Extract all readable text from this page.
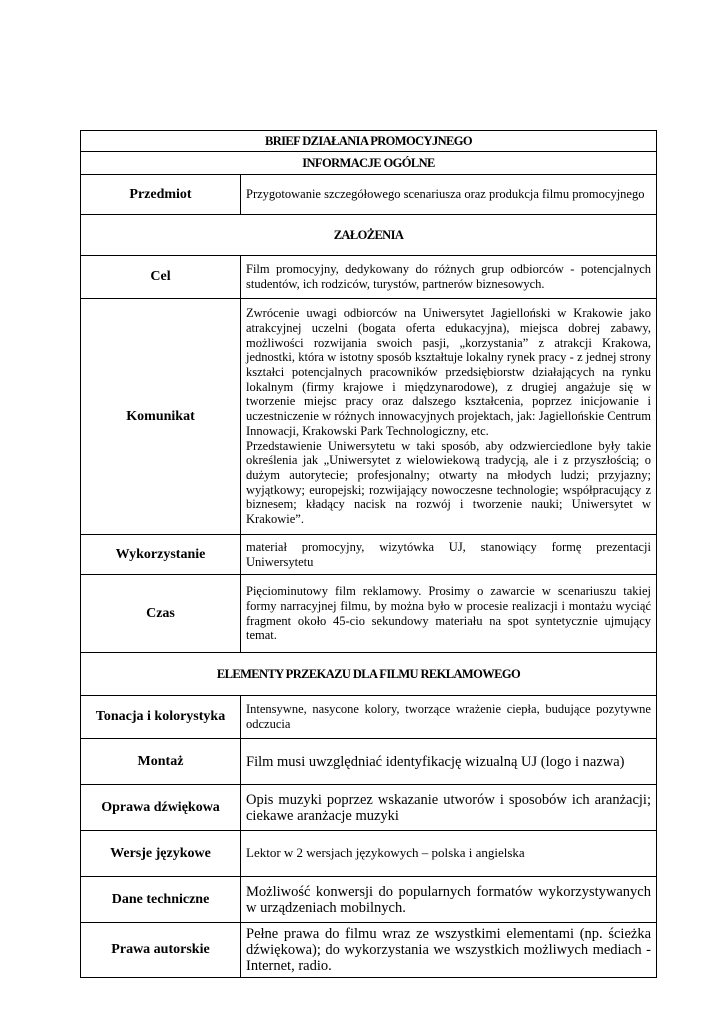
BRIEF DZIAŁANIA PROMOCYJNEGO	
INFORMACJE OGÓLNE	
Przedmiot	Przygotowanie szczegółowego scenariusza oraz produkcja filmu promocyjnego
ZAŁOŻENIA	
Cel	Film promocyjny, dedykowany do różnych grup odbiorców - potencjalnych studentów, ich rodziców, turystów, partnerów biznesowych.
Komunikat	Zwrócenie uwagi odbiorców na Uniwersytet Jagielloński w Krakowie jako atrakcyjnej uczelni (bogata oferta edukacyjna), miejsca dobrej zabawy, możliwości rozwijania swoich pasji, „korzystania” z atrakcji Krakowa, jednostki, która w istotny sposób kształtuje lokalny rynek pracy - z jednej strony kształci potencjalnych pracowników przedsiębiorstw działających na rynku lokalnym (firmy krajowe i międzynarodowe), z drugiej angażuje się w tworzenie miejsc pracy oraz dalszego kształcenia, poprzez inicjowanie i uczestniczenie w różnych innowacyjnych projektach, jak: Jagiellońskie Centrum Innowacji, Krakowski Park Technologiczny, etc.
Przedstawienie Uniwersytetu w taki sposób, aby odzwierciedlone były takie określenia jak „Uniwersytet z wielowiekową tradycją, ale i z przyszłością; o dużym autorytecie; profesjonalny; otwarty na młodych ludzi; przyjazny; wyjątkowy; europejski; rozwijający nowoczesne technologie; współpracujący z biznesem; kładący nacisk na rozwój i tworzenie nauki; Uniwersytet w Krakowie”.

Wykorzystanie	materiał promocyjny, wizytówka UJ, stanowiący formę prezentacji Uniwersytetu
Czas	Pięciominutowy film reklamowy. Prosimy o zawarcie w scenariuszu takiej formy narracyjnej filmu, by można było w procesie realizacji i montażu wyciąć fragment około 45-cio sekundowy materiału na spot syntetycznie ujmujący temat.
ELEMENTY PRZEKAZU DLA FILMU REKLAMOWEGO	
Tonacja i kolorystyka	Intensywne, nasycone kolory, tworzące wrażenie ciepła, budujące pozytywne odczucia
Montaż	Film musi uwzględniać identyfikację wizualną UJ (logo i nazwa)
Oprawa dźwiękowa	Opis muzyki poprzez wskazanie utworów i sposobów ich aranżacji; ciekawe aranżacje muzyki
Wersje językowe	Lektor w 2 wersjach językowych – polska i angielska
Dane techniczne	Możliwość konwersji do popularnych formatów wykorzystywanych w urządzeniach mobilnych.
Prawa autorskie	Pełne prawa do filmu wraz ze wszystkimi elementami (np. ścieżka dźwiękowa); do wykorzystania we wszystkich możliwych mediach - Internet, radio.
